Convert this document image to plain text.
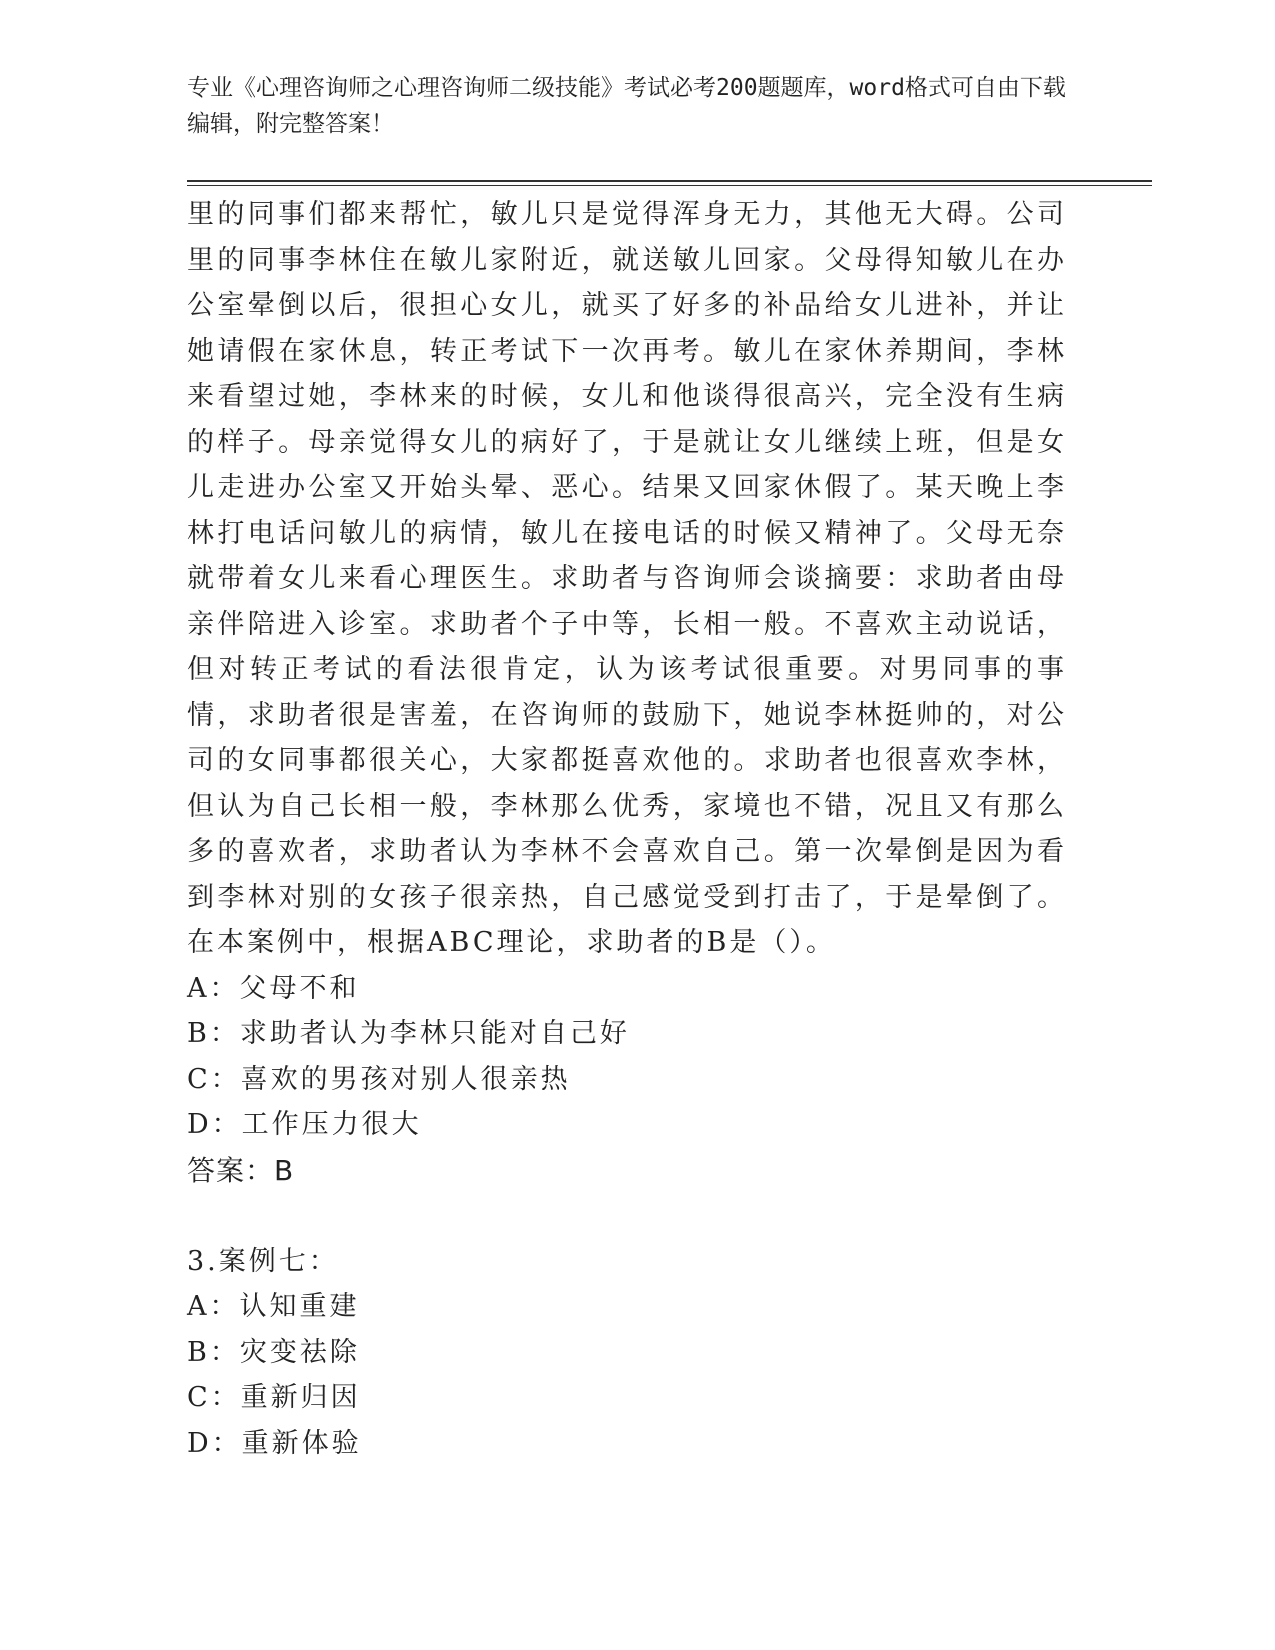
专业《心理咨询师之心理咨询师二级技能》考试必考200题题库，word格式可自由下载编辑，附完整答案！

里的同事们都来帮忙，敏儿只是觉得浑身无力，其他无大碍。公司里的同事李林住在敏儿家附近，就送敏儿回家。父母得知敏儿在办公室晕倒以后，很担心女儿，就买了好多的补品给女儿进补，并让她请假在家休息，转正考试下一次再考。敏儿在家休养期间，李林来看望过她，李林来的时候，女儿和他谈得很高兴，完全没有生病的样子。母亲觉得女儿的病好了，于是就让女儿继续上班，但是女儿走进办公室又开始头晕、恶心。结果又回家休假了。某天晚上李林打电话问敏儿的病情，敏儿在接电话的时候又精神了。父母无奈就带着女儿来看心理医生。求助者与咨询师会谈摘要：求助者由母亲伴陪进入诊室。求助者个子中等，长相一般。不喜欢主动说话，但对转正考试的看法很肯定，认为该考试很重要。对男同事的事情，求助者很是害羞，在咨询师的鼓励下，她说李林挺帅的，对公司的女同事都很关心，大家都挺喜欢他的。求助者也很喜欢李林，但认为自己长相一般，李林那么优秀，家境也不错，况且又有那么多的喜欢者，求助者认为李林不会喜欢自己。第一次晕倒是因为看到李林对别的女孩子很亲热，自己感觉受到打击了，于是晕倒了。在本案例中，根据ABC理论，求助者的B是（）。

A：父母不和

B：求助者认为李林只能对自己好

C：喜欢的男孩对别人很亲热

D：工作压力很大

答案：B

3.案例七：

A：认知重建

B：灾变祛除

C：重新归因

D：重新体验
